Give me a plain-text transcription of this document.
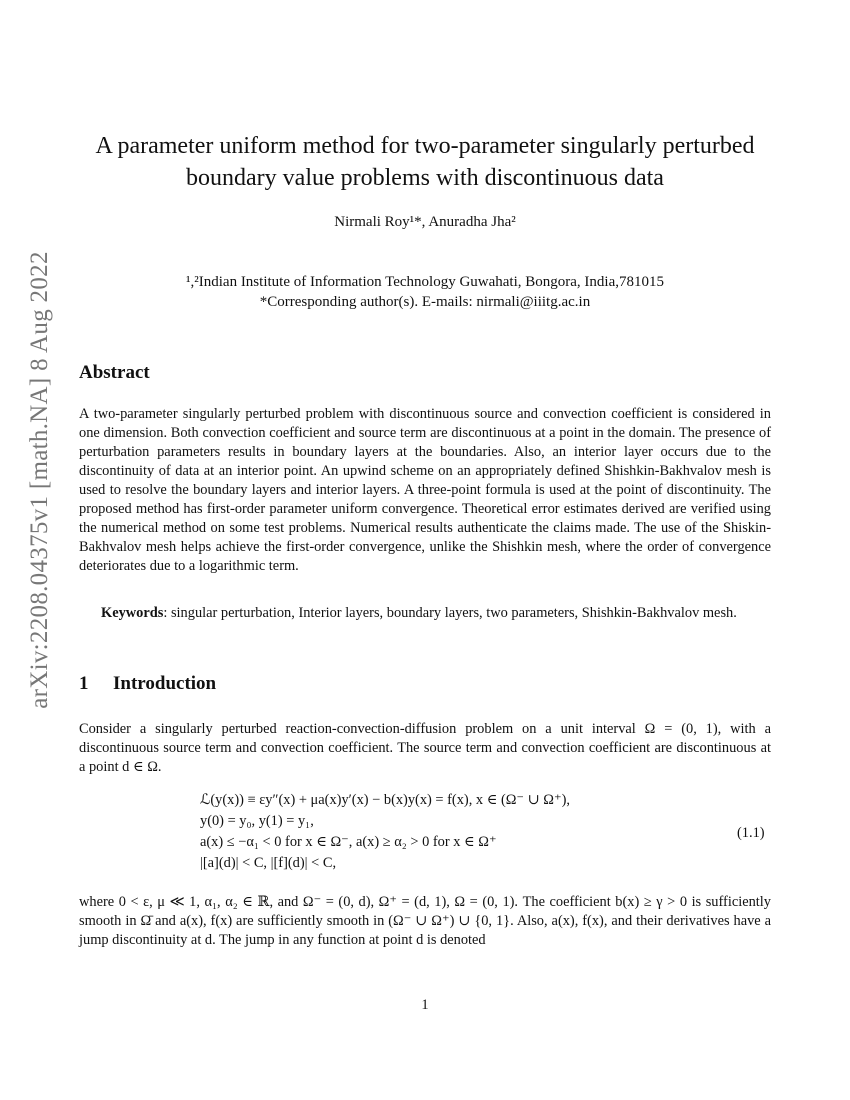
arXiv:2208.04375v1 [math.NA] 8 Aug 2022
A parameter uniform method for two-parameter singularly perturbed boundary value problems with discontinuous data
Nirmali Roy¹*, Anuradha Jha²
¹,²Indian Institute of Information Technology Guwahati, Bongora, India,781015
*Corresponding author(s). E-mails: nirmali@iiitg.ac.in
Abstract

A two-parameter singularly perturbed problem with discontinuous source and convection coefficient is considered in one dimension. Both convection coefficient and source term are discontinuous at a point in the domain. The presence of perturbation parameters results in boundary layers at the boundaries. Also, an interior layer occurs due to the discontinuity of data at an interior point. An upwind scheme on an appropriately defined Shishkin-Bakhvalov mesh is used to resolve the boundary layers and interior layers. A three-point formula is used at the point of discontinuity. The proposed method has first-order parameter uniform convergence. Theoretical error estimates derived are verified using the numerical method on some test problems. Numerical results authenticate the claims made. The use of the Shiskin-Bakhvalov mesh helps achieve the first-order convergence, unlike the Shishkin mesh, where the order of convergence deteriorates due to a logarithmic term.

Keywords: singular perturbation, Interior layers, boundary layers, two parameters, Shishkin-Bakhvalov mesh.

1 Introduction

Consider a singularly perturbed reaction-convection-diffusion problem on a unit interval Ω = (0, 1), with a discontinuous source term and convection coefficient. The source term and convection coefficient are discontinuous at a point d ∈ Ω.

ℒ(y(x)) ≡ εy″(x) + μa(x)y′(x) − b(x)y(x) = f(x), x ∈ (Ω⁻ ∪ Ω⁺),
y(0) = y₀, y(1) = y₁,
a(x) ≤ −α₁ < 0 for x ∈ Ω⁻, a(x) ≥ α₂ > 0 for x ∈ Ω⁺
|[a](d)| < C, |[f](d)| < C,
(1.1)

where 0 < ε, μ ≪ 1, α₁, α₂ ∈ ℝ, and Ω⁻ = (0, d), Ω⁺ = (d, 1), Ω = (0, 1). The coefficient b(x) ≥ γ > 0 is sufficiently smooth in Ω̄ and a(x), f(x) are sufficiently smooth in (Ω⁻ ∪ Ω⁺) ∪ {0, 1}. Also, a(x), f(x), and their derivatives have a jump discontinuity at d. The jump in any function at point d is denoted

1
